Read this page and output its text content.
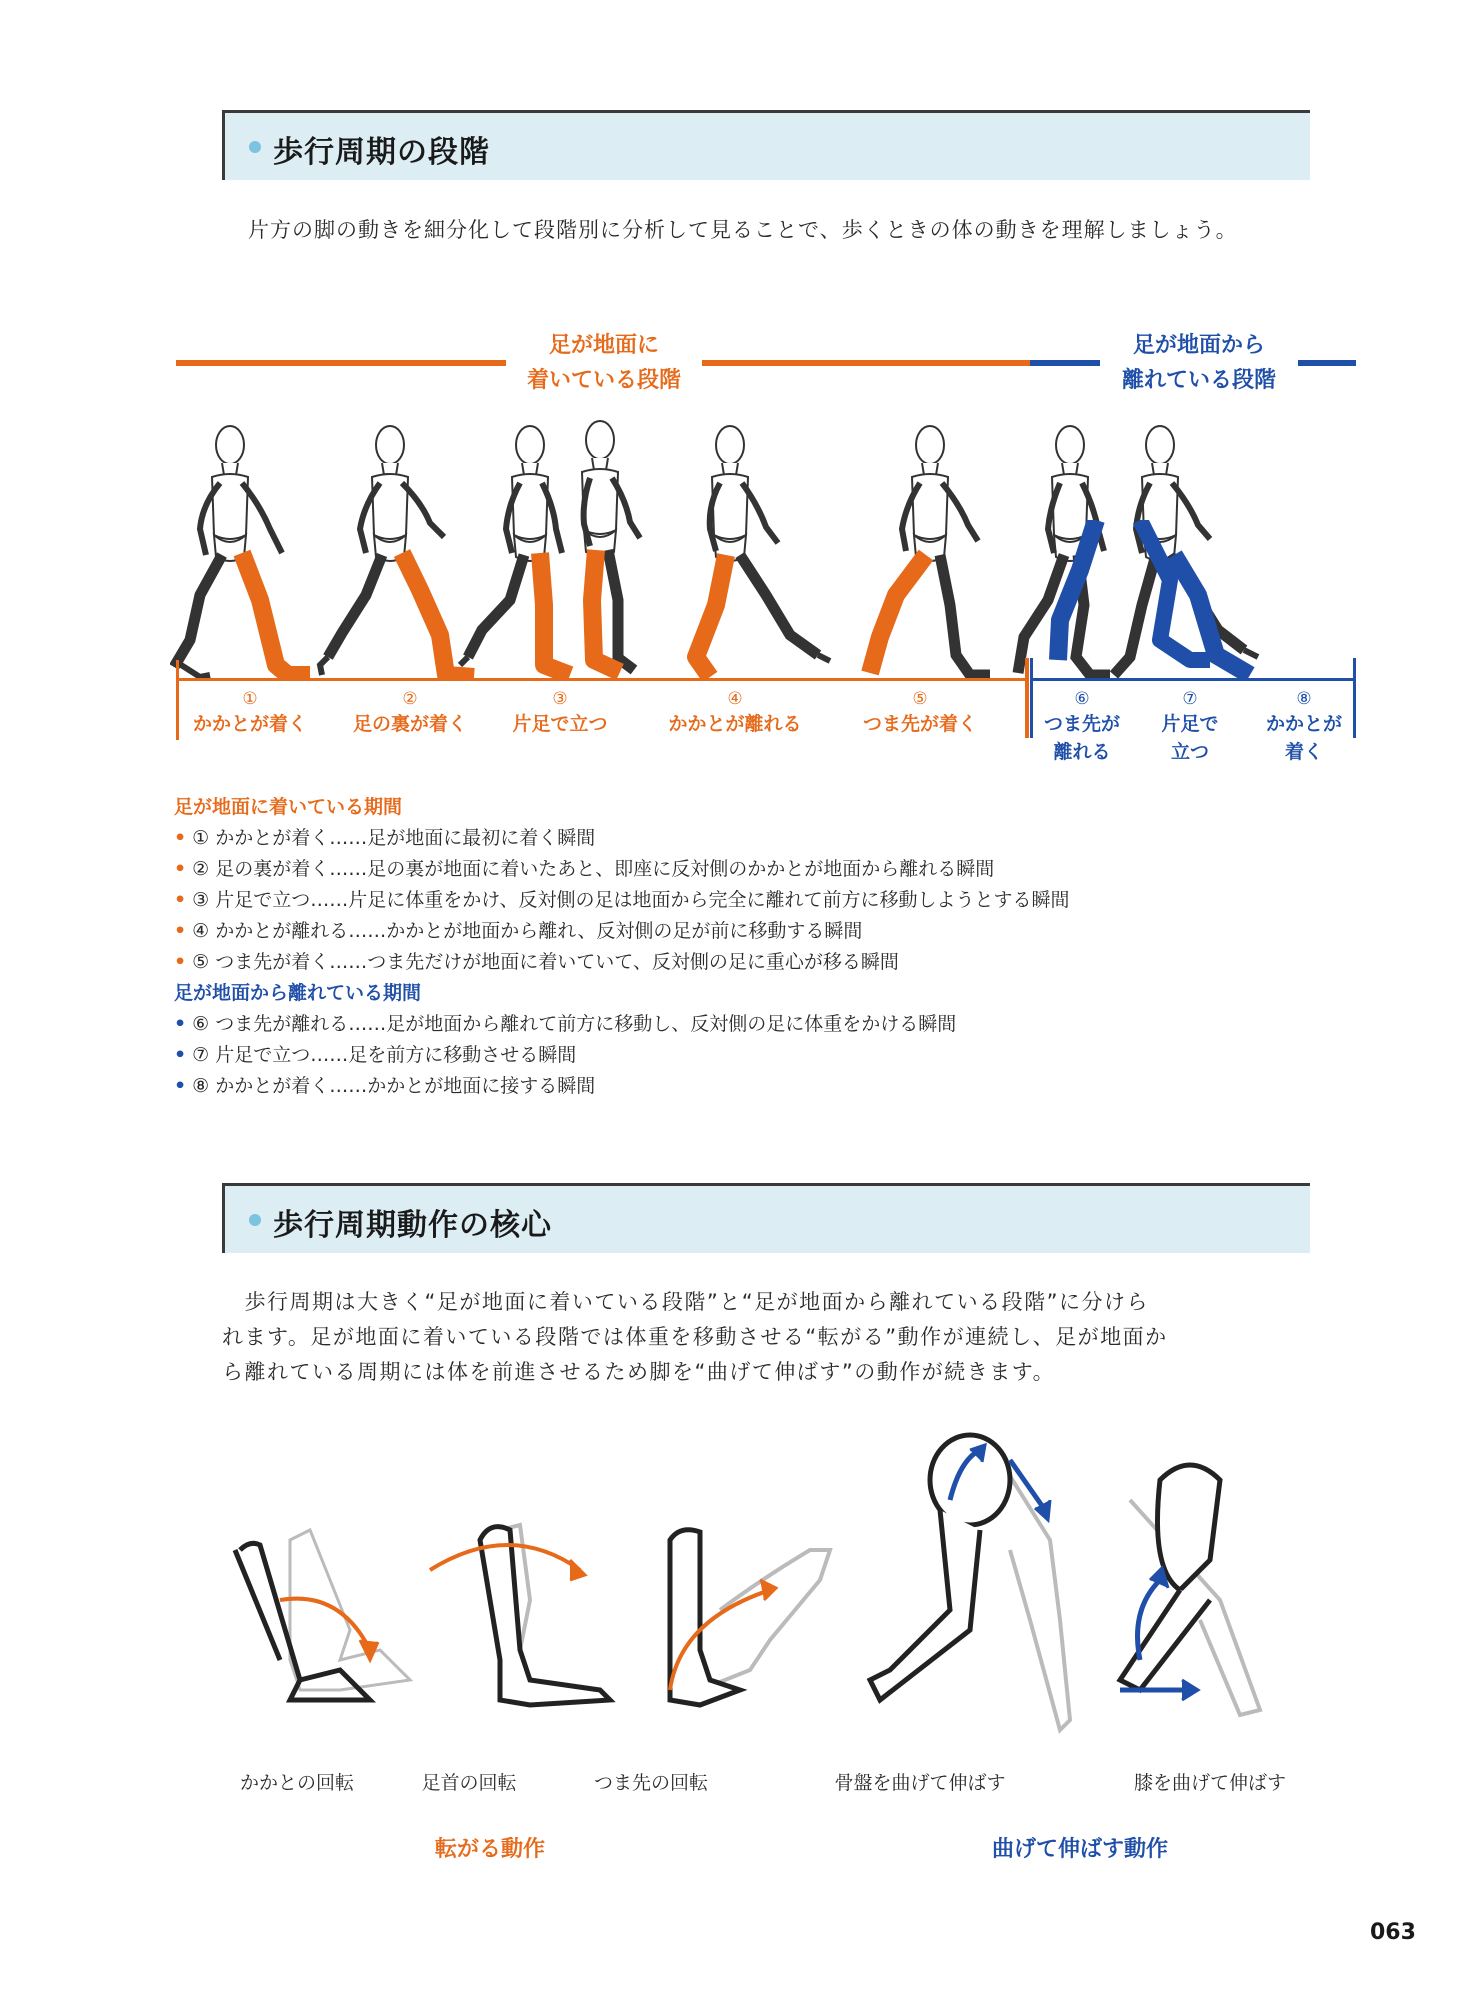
歩行周期の段階
片方の脚の動きを細分化して段階別に分析して見ることで、歩くときの体の動きを理解しましょう。
足が地面に
着いている段階
足が地面から
離れている段階
①
かかとが着く
②
足の裏が着く
③
片足で立つ
④
かかとが離れる
⑤
つま先が着く
⑥
つま先が
離れる
⑦
片足で
立つ
⑧
かかとが
着く
足が地面に着いている期間
• ① かかとが着く……足が地面に最初に着く瞬間
• ② 足の裏が着く……足の裏が地面に着いたあと、即座に反対側のかかとが地面から離れる瞬間
• ③ 片足で立つ……片足に体重をかけ、反対側の足は地面から完全に離れて前方に移動しようとする瞬間
• ④ かかとが離れる……かかとが地面から離れ、反対側の足が前に移動する瞬間
• ⑤ つま先が着く……つま先だけが地面に着いていて、反対側の足に重心が移る瞬間
足が地面から離れている期間
• ⑥ つま先が離れる……足が地面から離れて前方に移動し、反対側の足に体重をかける瞬間
• ⑦ 片足で立つ……足を前方に移動させる瞬間
• ⑧ かかとが着く……かかとが地面に接する瞬間
歩行周期動作の核心
　歩行周期は大きく“足が地面に着いている段階”と“足が地面から離れている段階”に分けら
れます。足が地面に着いている段階では体重を移動させる“転がる”動作が連続し、足が地面か
ら離れている周期には体を前進させるため脚を“曲げて伸ばす”の動作が続きます。
かかとの回転	足首の回転	つま先の回転	骨盤を曲げて伸ばす	膝を曲げて伸ばす
転がる動作	曲げて伸ばす動作
063
